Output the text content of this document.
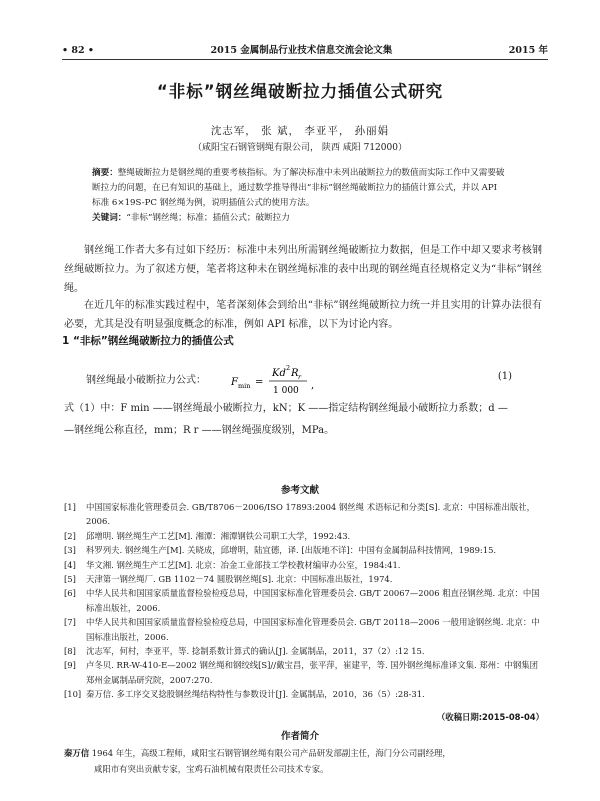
• 82 •	2015 金属制品行业技术信息交流会论文集	2015 年
“非标”钢丝绳破断拉力插值公式研究
沈志军， 张 斌， 李亚平， 孙丽娟
（咸阳宝石钢管钢绳有限公司， 陕西 咸阳 712000）
摘要：整绳破断拉力是钢丝绳的重要考核指标。为了解决标准中未列出破断拉力的数值而实际工作中又需要破断拉力的问题，在已有知识的基础上，通过数学推导得出“非标”钢丝绳破断拉力的插值计算公式，并以 API 标准 6×19S-PC 钢丝绳为例，说明插值公式的使用方法。
关键词：“非标”钢丝绳；标准；插值公式；破断拉力
钢丝绳工作者大多有过如下经历：标准中未列出所需钢丝绳破断拉力数据，但是工作中却又要求考核钢丝绳破断拉力。为了叙述方便，笔者将这种未在钢丝绳标准的表中出现的钢丝绳直径规格定义为“非标”钢丝绳。
在近几年的标准实践过程中，笔者深刻体会到给出“非标”钢丝绳破断拉力统一并且实用的计算办法很有必要，尤其是没有明显强度概念的标准，例如 API 标准，以下为讨论内容。
1 “非标”钢丝绳破断拉力的插值公式
钢丝绳最小破断拉力公式：	F min =
Kd 2 R r
1 000 ,
(1)
式（1）中：F min ——钢丝绳最小破断拉力，kN；K ——指定结构钢丝绳最小破断拉力系数；d —
—钢丝绳公称直径，mm；R r ——钢丝绳强度级别，MPa。
参考文献
[1]	中国国家标准化管理委员会. GB/T8706－2006/ISO 17893:2004 钢丝绳 术语标记和分类[S]. 北京：中国标准出版社，2006.
[2]	邱增明. 钢丝绳生产工艺[M]. 湘潭：湘潭钢铁公司职工大学，1992:43.
[3]	科罗列夫. 钢丝绳生产[M]. 关晓成，邱增明，陆宜德，译. [出版地不详]：中国有金属制品科技情网，1989:15.
[4]	华文湘. 钢丝绳生产工艺[M]. 北京：冶金工业部技工学校教材编审办公室，1984:41.
[5]	天津第一钢丝绳厂. GB 1102－74 圆股钢丝绳[S]. 北京：中国标准出版社，1974.
[6]	中华人民共和国国家质量监督检验检疫总局，中国国家标准化管理委员会. GB/T 20067—2006 粗直径钢丝绳. 北京：中国标准出版社，2006.
[7]	中华人民共和国国家质量监督检验检疫总局，中国国家标准化管理委员会. GB/T 20118—2006 一般用途钢丝绳. 北京：中国标准出版社，2006.
[8]	沈志军，何村，李亚平，等. 捻制系数计算式的确认[J]. 金属制品，2011，37（2）:12 15.
[9]	卢冬贝. RR-W-410-E—2002 钢丝绳和钢绞线[S]//戴宝昌，张平萍，崔建平，等. 国外钢丝绳标准译文集. 郑州：中钢集团郑州金属制品研究院，2007:270.
[10] 秦万信. 多工序交叉捻股钢丝绳结构特性与参数设计[J]. 金属制品，2010，36（5）:28-31.
（收稿日期:2015-08-04）
作者简介
秦万信 1964 年生，高级工程师，咸阳宝石钢管钢丝绳有限公司产品研发部副主任，海门分公司副经理，
咸阳市有突出贡献专家，宝鸡石油机械有限责任公司技术专家。
